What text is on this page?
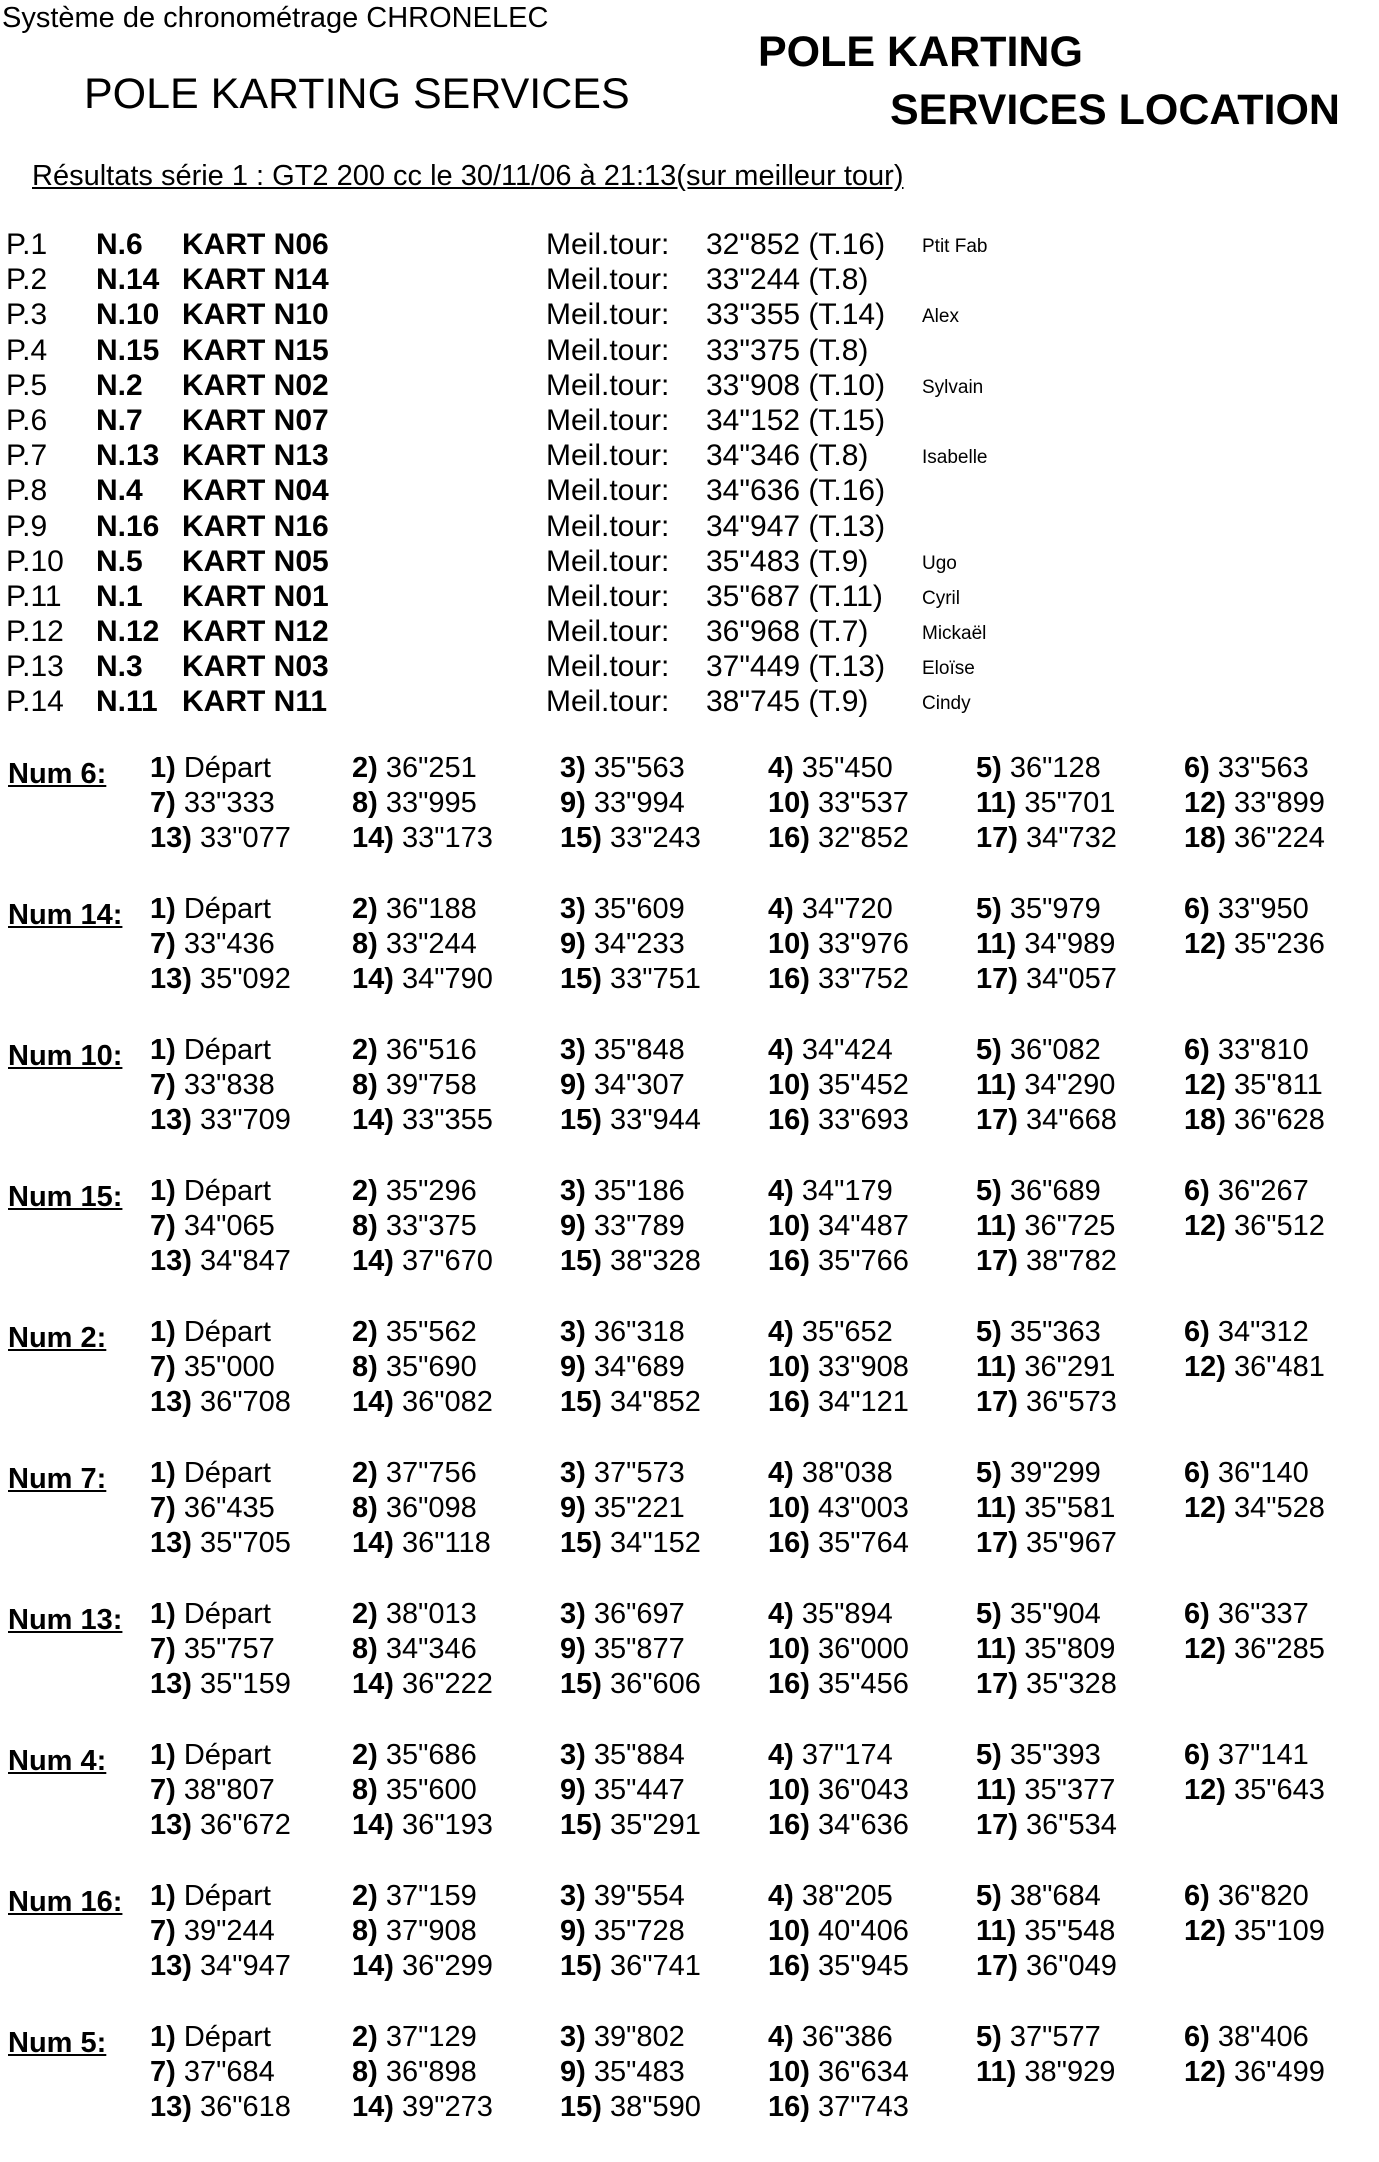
Système de chronométrage CHRONELEC
POLE KARTING SERVICES
POLE KARTING
SERVICES LOCATION
Résultats série 1 : GT2 200 cc le 30/11/06 à 21:13(sur meilleur tour)
P.1 N.6 KART N06	Meil.tour: 32"852 (T.16) Ptit Fab
P.2 N.14 KART N14	Meil.tour: 33"244 (T.8)
P.3 N.10 KART N10	Meil.tour: 33"355 (T.14) Alex
P.4 N.15 KART N15	Meil.tour: 33"375 (T.8)
P.5 N.2 KART N02	Meil.tour: 33"908 (T.10) Sylvain
P.6 N.7 KART N07	Meil.tour: 34"152 (T.15)
P.7 N.13 KART N13	Meil.tour: 34"346 (T.8)	Isabelle
P.8 N.4 KART N04	Meil.tour: 34"636 (T.16)
P.9 N.16 KART N16	Meil.tour: 34"947 (T.13)
P.10 N.5 KART N05	Meil.tour: 35"483 (T.9)	Ugo
P.11 N.1 KART N01	Meil.tour: 35"687 (T.11) Cyril
P.12 N.12 KART N12	Meil.tour: 36"968 (T.7)	Mickaël
P.13 N.3 KART N03	Meil.tour: 37"449 (T.13) Eloïse
P.14 N.11 KART N11	Meil.tour: 38"745 (T.9)	Cindy
Num 6: 1) Départ	2) 36"251	3) 35"563	4) 35"450	5) 36"128	6) 33"563
7) 33"333	8) 33"995	9) 33"994	10) 33"537 11) 35"701 12) 33"899
13) 33"077 14) 33"173 15) 33"243 16) 32"852 17) 34"732 18) 36"224
Num 14: 1) Départ	2) 36"188	3) 35"609	4) 34"720	5) 35"979	6) 33"950
7) 33"436	8) 33"244	9) 34"233	10) 33"976 11) 34"989 12) 35"236
13) 35"092 14) 34"790 15) 33"751 16) 33"752 17) 34"057
Num 10: 1) Départ	2) 36"516	3) 35"848	4) 34"424	5) 36"082	6) 33"810
7) 33"838	8) 39"758	9) 34"307	10) 35"452 11) 34"290 12) 35"811
13) 33"709 14) 33"355 15) 33"944 16) 33"693 17) 34"668 18) 36"628
Num 15: 1) Départ	2) 35"296	3) 35"186	4) 34"179	5) 36"689	6) 36"267
7) 34"065	8) 33"375	9) 33"789	10) 34"487 11) 36"725 12) 36"512
13) 34"847 14) 37"670 15) 38"328 16) 35"766 17) 38"782
Num 2: 1) Départ	2) 35"562	3) 36"318	4) 35"652	5) 35"363	6) 34"312
7) 35"000	8) 35"690	9) 34"689	10) 33"908 11) 36"291 12) 36"481
13) 36"708 14) 36"082 15) 34"852 16) 34"121 17) 36"573
Num 7: 1) Départ	2) 37"756	3) 37"573	4) 38"038	5) 39"299	6) 36"140
7) 36"435	8) 36"098	9) 35"221	10) 43"003 11) 35"581 12) 34"528
13) 35"705 14) 36"118 15) 34"152 16) 35"764 17) 35"967
Num 13: 1) Départ	2) 38"013	3) 36"697	4) 35"894	5) 35"904	6) 36"337
7) 35"757	8) 34"346	9) 35"877	10) 36"000 11) 35"809 12) 36"285
13) 35"159 14) 36"222 15) 36"606 16) 35"456 17) 35"328
Num 4: 1) Départ	2) 35"686	3) 35"884	4) 37"174	5) 35"393	6) 37"141
7) 38"807	8) 35"600	9) 35"447	10) 36"043 11) 35"377 12) 35"643
13) 36"672 14) 36"193 15) 35"291 16) 34"636 17) 36"534
Num 16: 1) Départ	2) 37"159	3) 39"554	4) 38"205	5) 38"684	6) 36"820
7) 39"244	8) 37"908	9) 35"728	10) 40"406 11) 35"548 12) 35"109
13) 34"947 14) 36"299 15) 36"741 16) 35"945 17) 36"049
Num 5: 1) Départ	2) 37"129	3) 39"802	4) 36"386	5) 37"577	6) 38"406
7) 37"684	8) 36"898	9) 35"483	10) 36"634 11) 38"929 12) 36"499
13) 36"618 14) 39"273 15) 38"590 16) 37"743
